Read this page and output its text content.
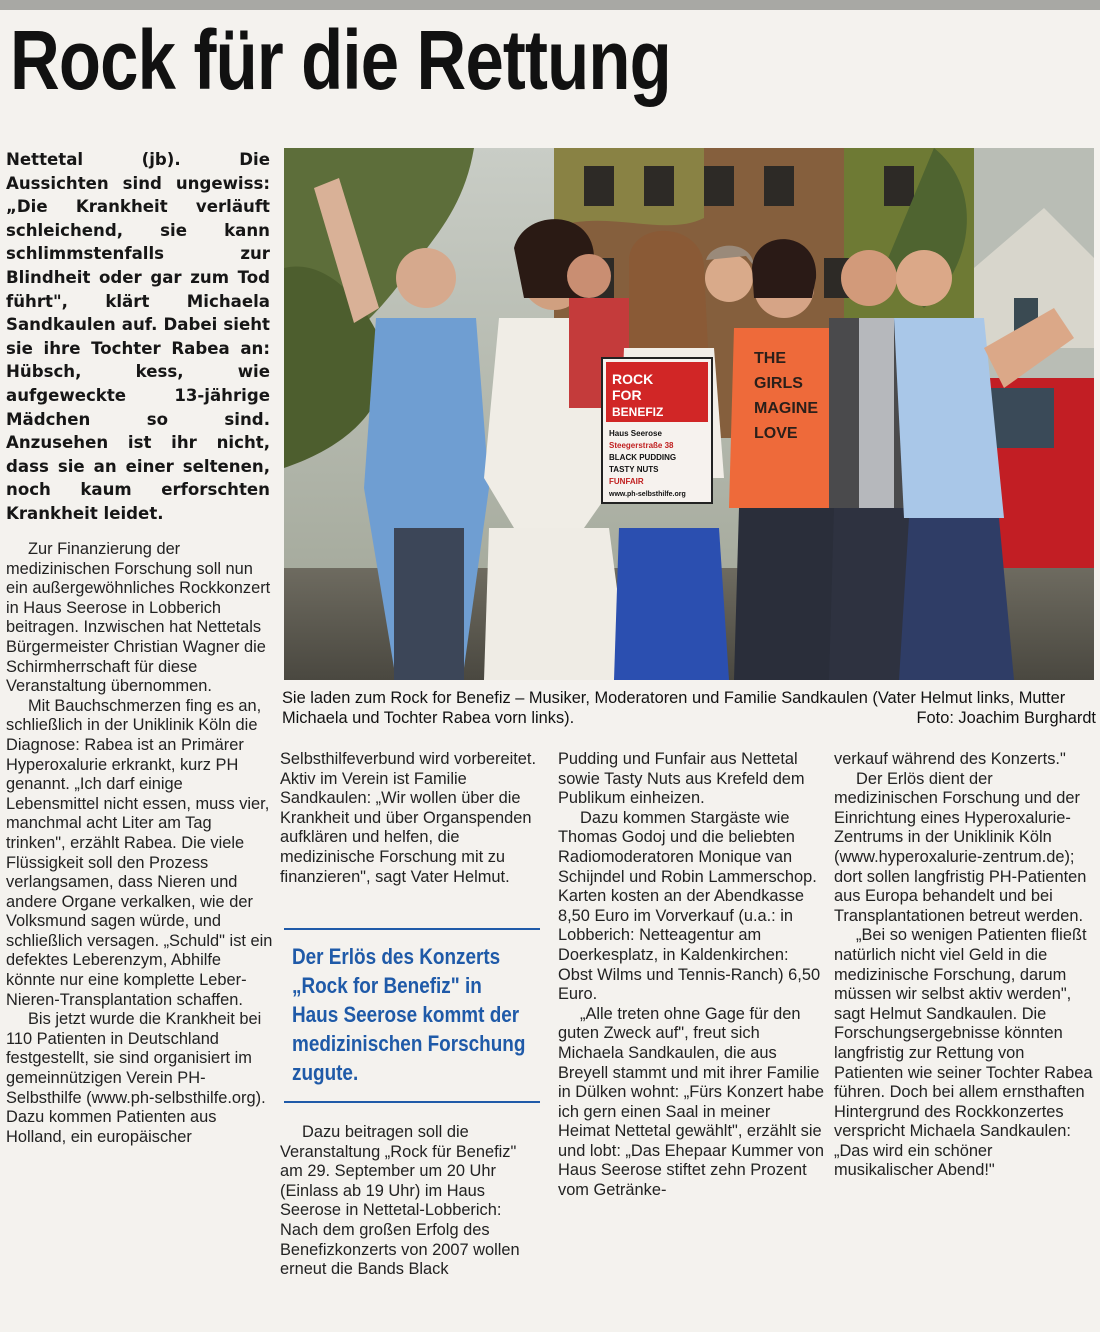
Rock für die Rettung

Nettetal (jb). Die Aussichten sind ungewiss: „Die Krankheit verläuft schleichend, sie kann schlimmstenfalls zur Blindheit oder gar zum Tod führt", klärt Michaela Sandkaulen auf. Dabei sieht sie ihre Tochter Rabea an: Hübsch, kess, wie aufgeweckte 13-jährige Mädchen so sind. Anzusehen ist ihr nicht, dass sie an einer seltenen, noch kaum erforschten Krankheit leidet.

ROCK
FOR
BENEFIZ
Haus Seerose
Steegerstraße 38
BLACK PUDDING
TASTY NUTS
FUNFAIR
www.ph-selbsthilfe.org
THE
GIRLS
MAGINE
LOVE
Sie laden zum Rock for Benefiz – Musiker, Moderatoren und Familie Sandkaulen (Vater Helmut links, Mutter Michaela und Tochter Rabea vorn links).	Foto: Joachim Burghardt

Der Erlös des Konzerts „Rock for Benefiz" in Haus Seerose kommt der medizinischen Forschung zugute.

Zur Finanzierung der medizinischen Forschung soll nun ein außergewöhnliches Rockkonzert in Haus Seerose in Lobberich beitragen. Inzwischen hat Nettetals Bürgermeister Christian Wagner die Schirmherrschaft für diese Veranstaltung übernommen.

Mit Bauchschmerzen fing es an, schließlich in der Uniklinik Köln die Diagnose: Rabea ist an Primärer Hyperoxalurie erkrankt, kurz PH genannt. „Ich darf einige Lebensmittel nicht essen, muss vier, manchmal acht Liter am Tag trinken", erzählt Rabea. Die viele Flüssigkeit soll den Prozess verlangsamen, dass Nieren und andere Organe verkalken, wie der Volksmund sagen würde, und schließlich versagen. „Schuld" ist ein defektes Leberenzym, Abhilfe könnte nur eine komplette Leber-Nieren-Transplantation schaffen.

Bis jetzt wurde die Krankheit bei 110 Patienten in Deutschland festgestellt, sie sind organisiert im gemeinnützigen Verein PH-Selbsthilfe (www.ph-selbsthilfe.org). Dazu kommen Patienten aus Holland, ein europäischer

Selbsthilfeverbund wird vorbereitet. Aktiv im Verein ist Familie Sandkaulen: „Wir wollen über die Krankheit und über Organspenden aufklären und helfen, die medizinische Forschung mit zu finanzieren", sagt Vater Helmut.

Dazu beitragen soll die Veranstaltung „Rock für Benefiz" am 29. September um 20 Uhr (Einlass ab 19 Uhr) im Haus Seerose in Nettetal-Lobberich: Nach dem großen Erfolg des Benefizkonzerts von 2007 wollen erneut die Bands Black

Pudding und Funfair aus Nettetal sowie Tasty Nuts aus Krefeld dem Publikum einheizen.

Dazu kommen Stargäste wie Thomas Godoj und die beliebten Radiomoderatoren Monique van Schijndel und Robin Lammerschop. Karten kosten an der Abendkasse 8,50 Euro im Vorverkauf (u.a.: in Lobberich: Netteagentur am Doerkesplatz, in Kaldenkirchen: Obst Wilms und Tennis-Ranch) 6,50 Euro.

„Alle treten ohne Gage für den guten Zweck auf", freut sich Michaela Sandkaulen, die aus Breyell stammt und mit ihrer Familie in Dülken wohnt: „Fürs Konzert habe ich gern einen Saal in meiner Heimat Nettetal gewählt", erzählt sie und lobt: „Das Ehepaar Kummer von Haus Seerose stiftet zehn Prozent vom Getränke-

verkauf während des Konzerts."

Der Erlös dient der medizinischen Forschung und der Einrichtung eines Hyperoxalurie-Zentrums in der Uniklinik Köln (www.hyperoxalurie-zentrum.de); dort sollen langfristig PH-Patienten aus Europa behandelt und bei Transplantationen betreut werden.

„Bei so wenigen Patienten fließt natürlich nicht viel Geld in die medizinische Forschung, darum müssen wir selbst aktiv werden", sagt Helmut Sandkaulen. Die Forschungsergebnisse könnten langfristig zur Rettung von Patienten wie seiner Tochter Rabea führen. Doch bei allem ernsthaften Hintergrund des Rockkonzertes verspricht Michaela Sandkaulen: „Das wird ein schöner musikalischer Abend!"
